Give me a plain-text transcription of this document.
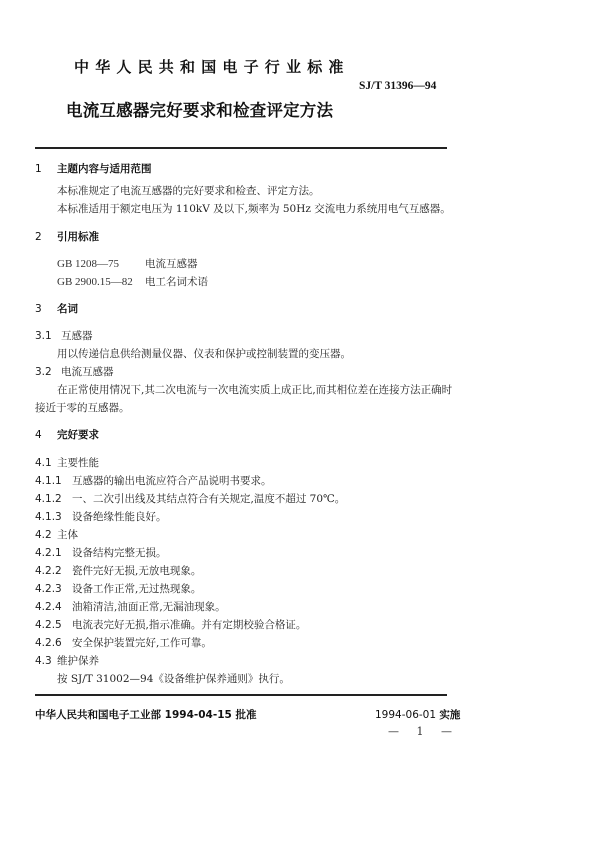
中华人民共和国电子行业标准
SJ/T 31396—94
电流互感器完好要求和检查评定方法
1 主题内容与适用范围
本标准规定了电流互感器的完好要求和检查、评定方法。
本标准适用于额定电压为 110kV 及以下,频率为 50Hz 交流电力系统用电气互感器。
2 引用标准
GB 1208—75 电流互感器
GB 2900.15—82 电工名词术语
3 名词
3.1 互感器
用以传递信息供给测量仪器、仪表和保护或控制装置的变压器。
3.2 电流互感器
在正常使用情况下,其二次电流与一次电流实质上成正比,而其相位差在连接方法正确时
接近于零的互感器。
4 完好要求
4.1 主要性能
4.1.1 互感器的输出电流应符合产品说明书要求。
4.1.2 一、二次引出线及其结点符合有关规定,温度不超过 70℃。
4.1.3 设备绝缘性能良好。
4.2 主体
4.2.1 设备结构完整无损。
4.2.2 瓷件完好无损,无放电现象。
4.2.3 设备工作正常,无过热现象。
4.2.4 油箱清洁,油面正常,无漏油现象。
4.2.5 电流表完好无损,指示准确。并有定期校验合格证。
4.2.6 安全保护装置完好,工作可靠。
4.3 维护保养
按 SJ/T 31002—94《设备维护保养通则》执行。
中华人民共和国电子工业部 1994-04-15 批准	1994-06-01 实施
— 1 —
